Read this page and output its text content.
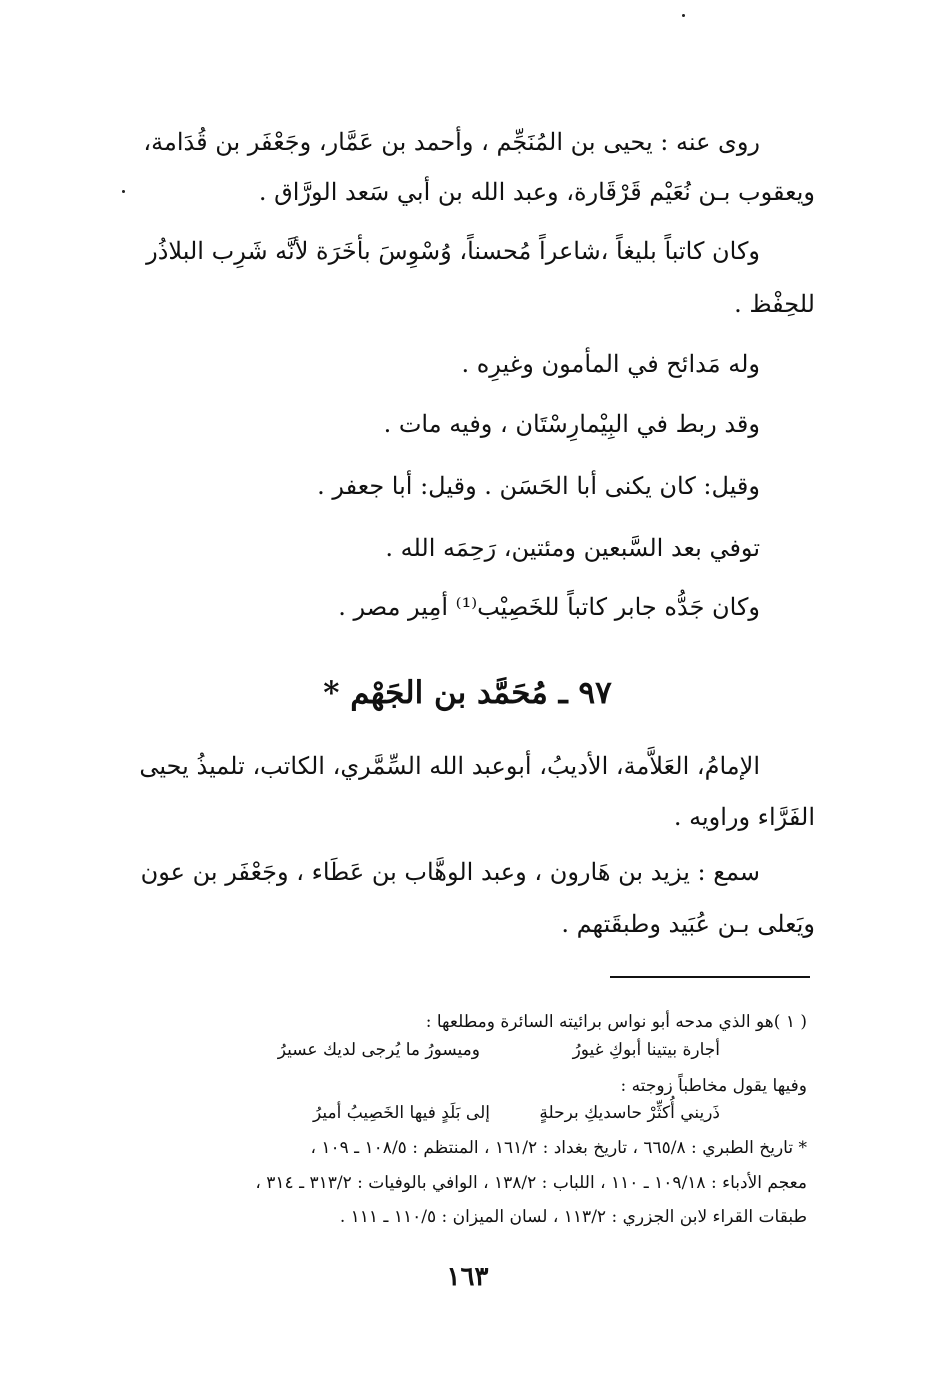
روى عنه : يحيى بن المُنَجِّم ، وأحمد بن عَمَّار، وجَعْفَر بن قُدَامة،
ويعقوب بـن نُعَيْم قَرْقَارة، وعبد الله بن أبي سَعد الورَّاق .
وكان كاتباً بليغاً ،شاعراً مُحسناً، وُسْوِسَ بأخَرَة لأنَّه شَرِب البلاذُر
للحِفْظ .
وله مَدائح في المأمون وغيرِه .
وقد ربط في البِيْمارِسْتَان ، وفيه مات .
وقيل: كان يكنى أبا الحَسَن . وقيل: أبا جعفر .
توفي بعد السَّبعين ومئتين، رَحِمَه الله .
وكان جَدُّه جابر كاتباً للخَصِيْب⁽¹⁾ أمِير مصر .
٩٧ ـ مُحَمَّد بن الجَهْم *
الإمامُ، العَلاَّمة، الأديبُ، أبوعبد الله السِّمَّري، الكاتب، تلميذُ يحيى
الفَرَّاء وراويه .
سمع : يزيد بن هَارون ، وعبد الوهَّاب بن عَطَاء ، وجَعْفَر بن عون
ويَعلى بـن عُبَيد وطبقَتهم .
( ١ )هو الذي مدحه أبو نواس برائيته السائرة ومطلعها :
أجارة بيتينا أبوكِ غيورُ
وميسورُ ما يُرجى لديك عسيرُ
وفيها يقول مخاطباً زوجته :
ذَريني أُكثِّرْ حاسديكِ برحلةٍ
إلى بَلَدٍ فيها الخَصِيبُ أميرُ
* تاريخ الطبري : ٦٦٥/٨ ، تاريخ بغداد : ١٦١/٢ ، المنتظم : ١٠٨/٥ ـ ١٠٩ ،
معجم الأدباء : ١٠٩/١٨ ـ ١١٠ ، اللباب : ١٣٨/٢ ، الوافي بالوفيات : ٣١٣/٢ ـ ٣١٤ ،
طبقات القراء لابن الجزري : ١١٣/٢ ، لسان الميزان : ١١٠/٥ ـ ١١١ .
١٦٣
